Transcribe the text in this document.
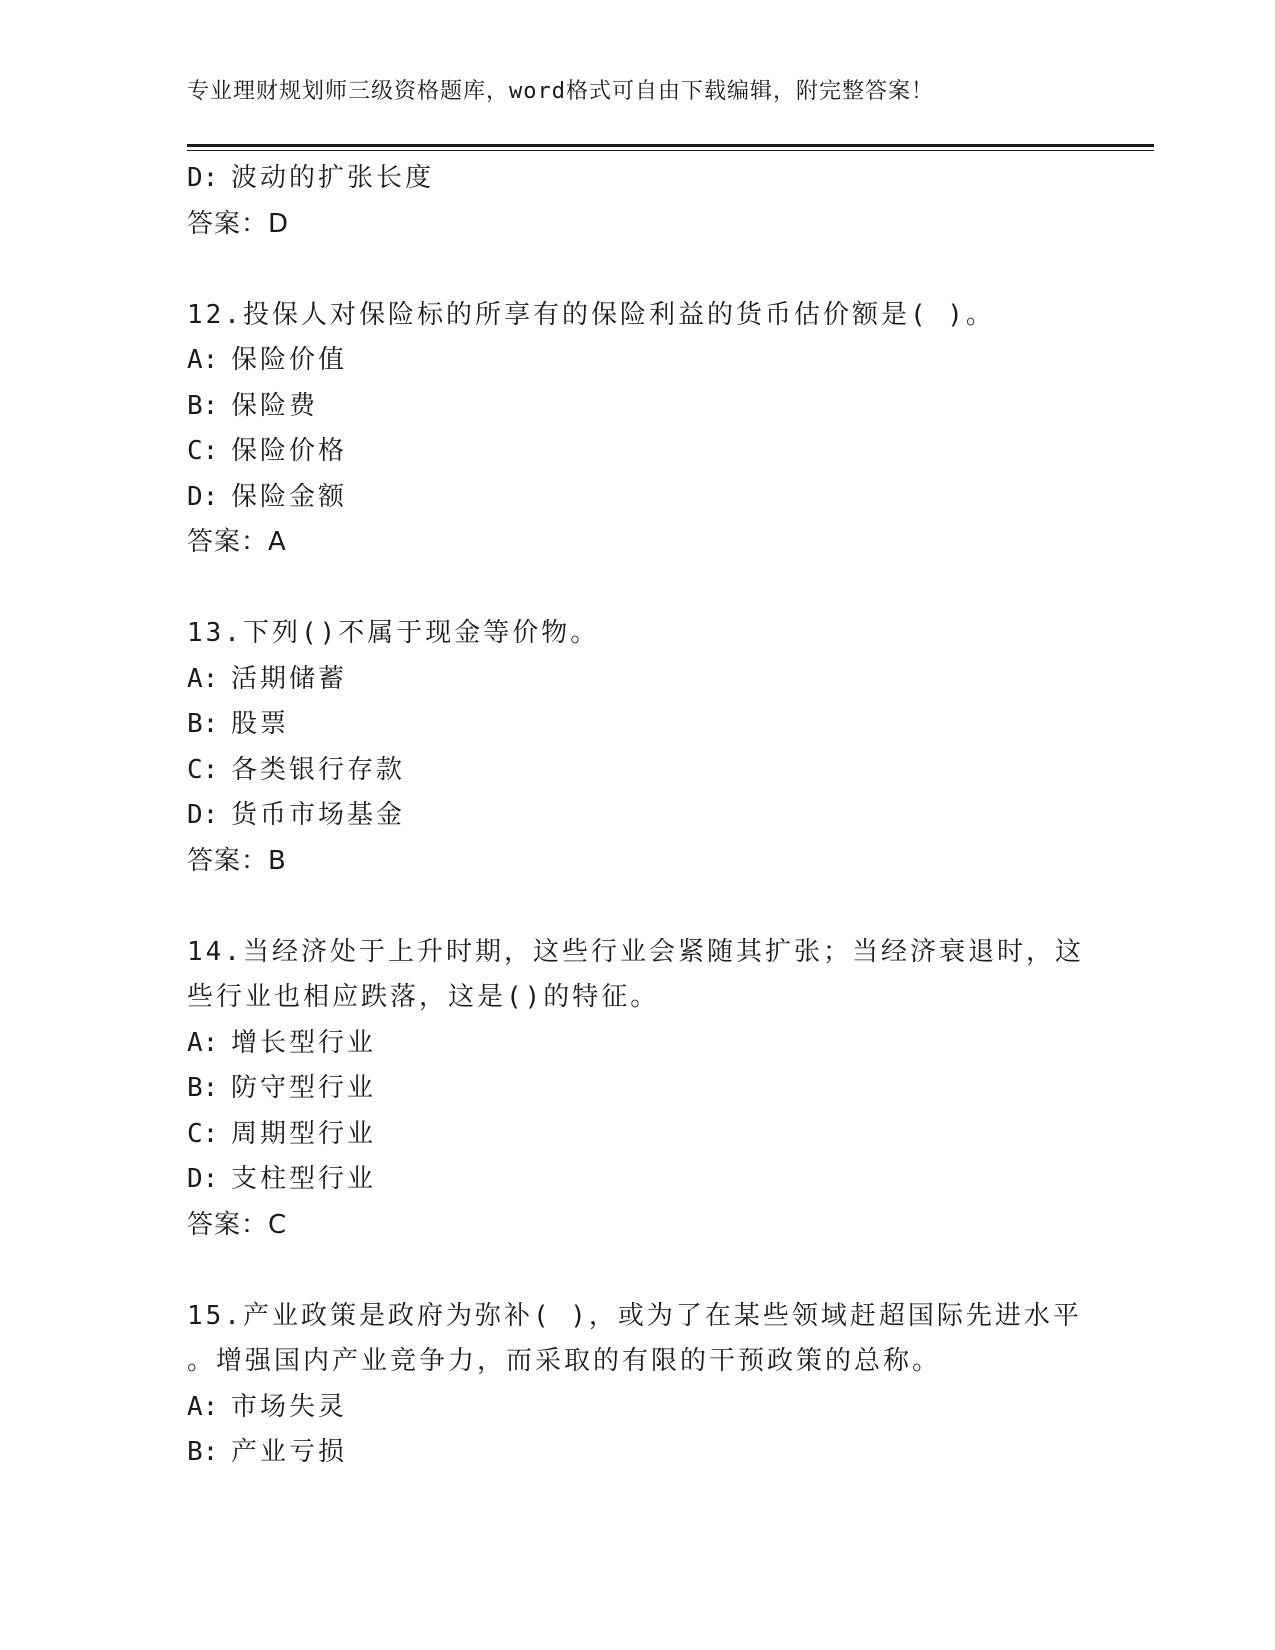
专业理财规划师三级资格题库，word格式可自由下载编辑，附完整答案！
D: 波动的扩张长度
答案：D
12.投保人对保险标的所享有的保险利益的货币估价额是( )。
A: 保险价值
B: 保险费
C: 保险价格
D: 保险金额
答案：A
13.下列()不属于现金等价物。
A: 活期储蓄
B: 股票
C: 各类银行存款
D: 货币市场基金
答案：B
14.当经济处于上升时期，这些行业会紧随其扩张；当经济衰退时，这
些行业也相应跌落，这是()的特征。
A: 增长型行业
B: 防守型行业
C: 周期型行业
D: 支柱型行业
答案：C
15.产业政策是政府为弥补( )，或为了在某些领域赶超国际先进水平
。增强国内产业竞争力，而采取的有限的干预政策的总称。
A: 市场失灵
B: 产业亏损
